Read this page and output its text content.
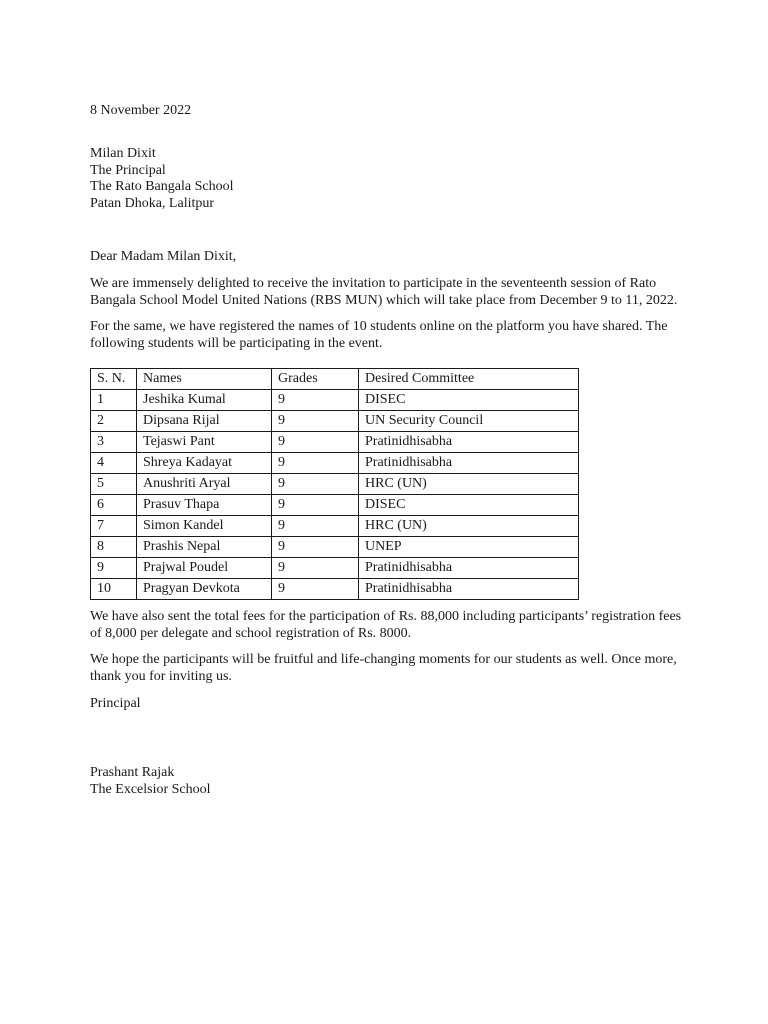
8 November 2022
Milan Dixit
The Principal
The Rato Bangala School
Patan Dhoka, Lalitpur
Dear Madam Milan Dixit,
We are immensely delighted to receive the invitation to participate in the seventeenth session of Rato Bangala School Model United Nations (RBS MUN) which will take place from December 9 to 11, 2022.
For the same, we have registered the names of 10 students online on the platform you have shared. The following students will be participating in the event.
S. N.	Names	Grades	Desired Committee
1	Jeshika Kumal	9	DISEC
2	Dipsana Rijal	9	UN Security Council
3	Tejaswi Pant	9	Pratinidhisabha
4	Shreya Kadayat	9	Pratinidhisabha
5	Anushriti Aryal	9	HRC (UN)
6	Prasuv Thapa	9	DISEC
7	Simon Kandel	9	HRC (UN)
8	Prashis Nepal	9	UNEP
9	Prajwal Poudel	9	Pratinidhisabha
10	Pragyan Devkota	9	Pratinidhisabha
We have also sent the total fees for the participation of Rs. 88,000 including participants’ registration fees of 8,000 per delegate and school registration of Rs. 8000.
We hope the participants will be fruitful and life-changing moments for our students as well. Once more, thank you for inviting us.
Principal
Prashant Rajak
The Excelsior School
